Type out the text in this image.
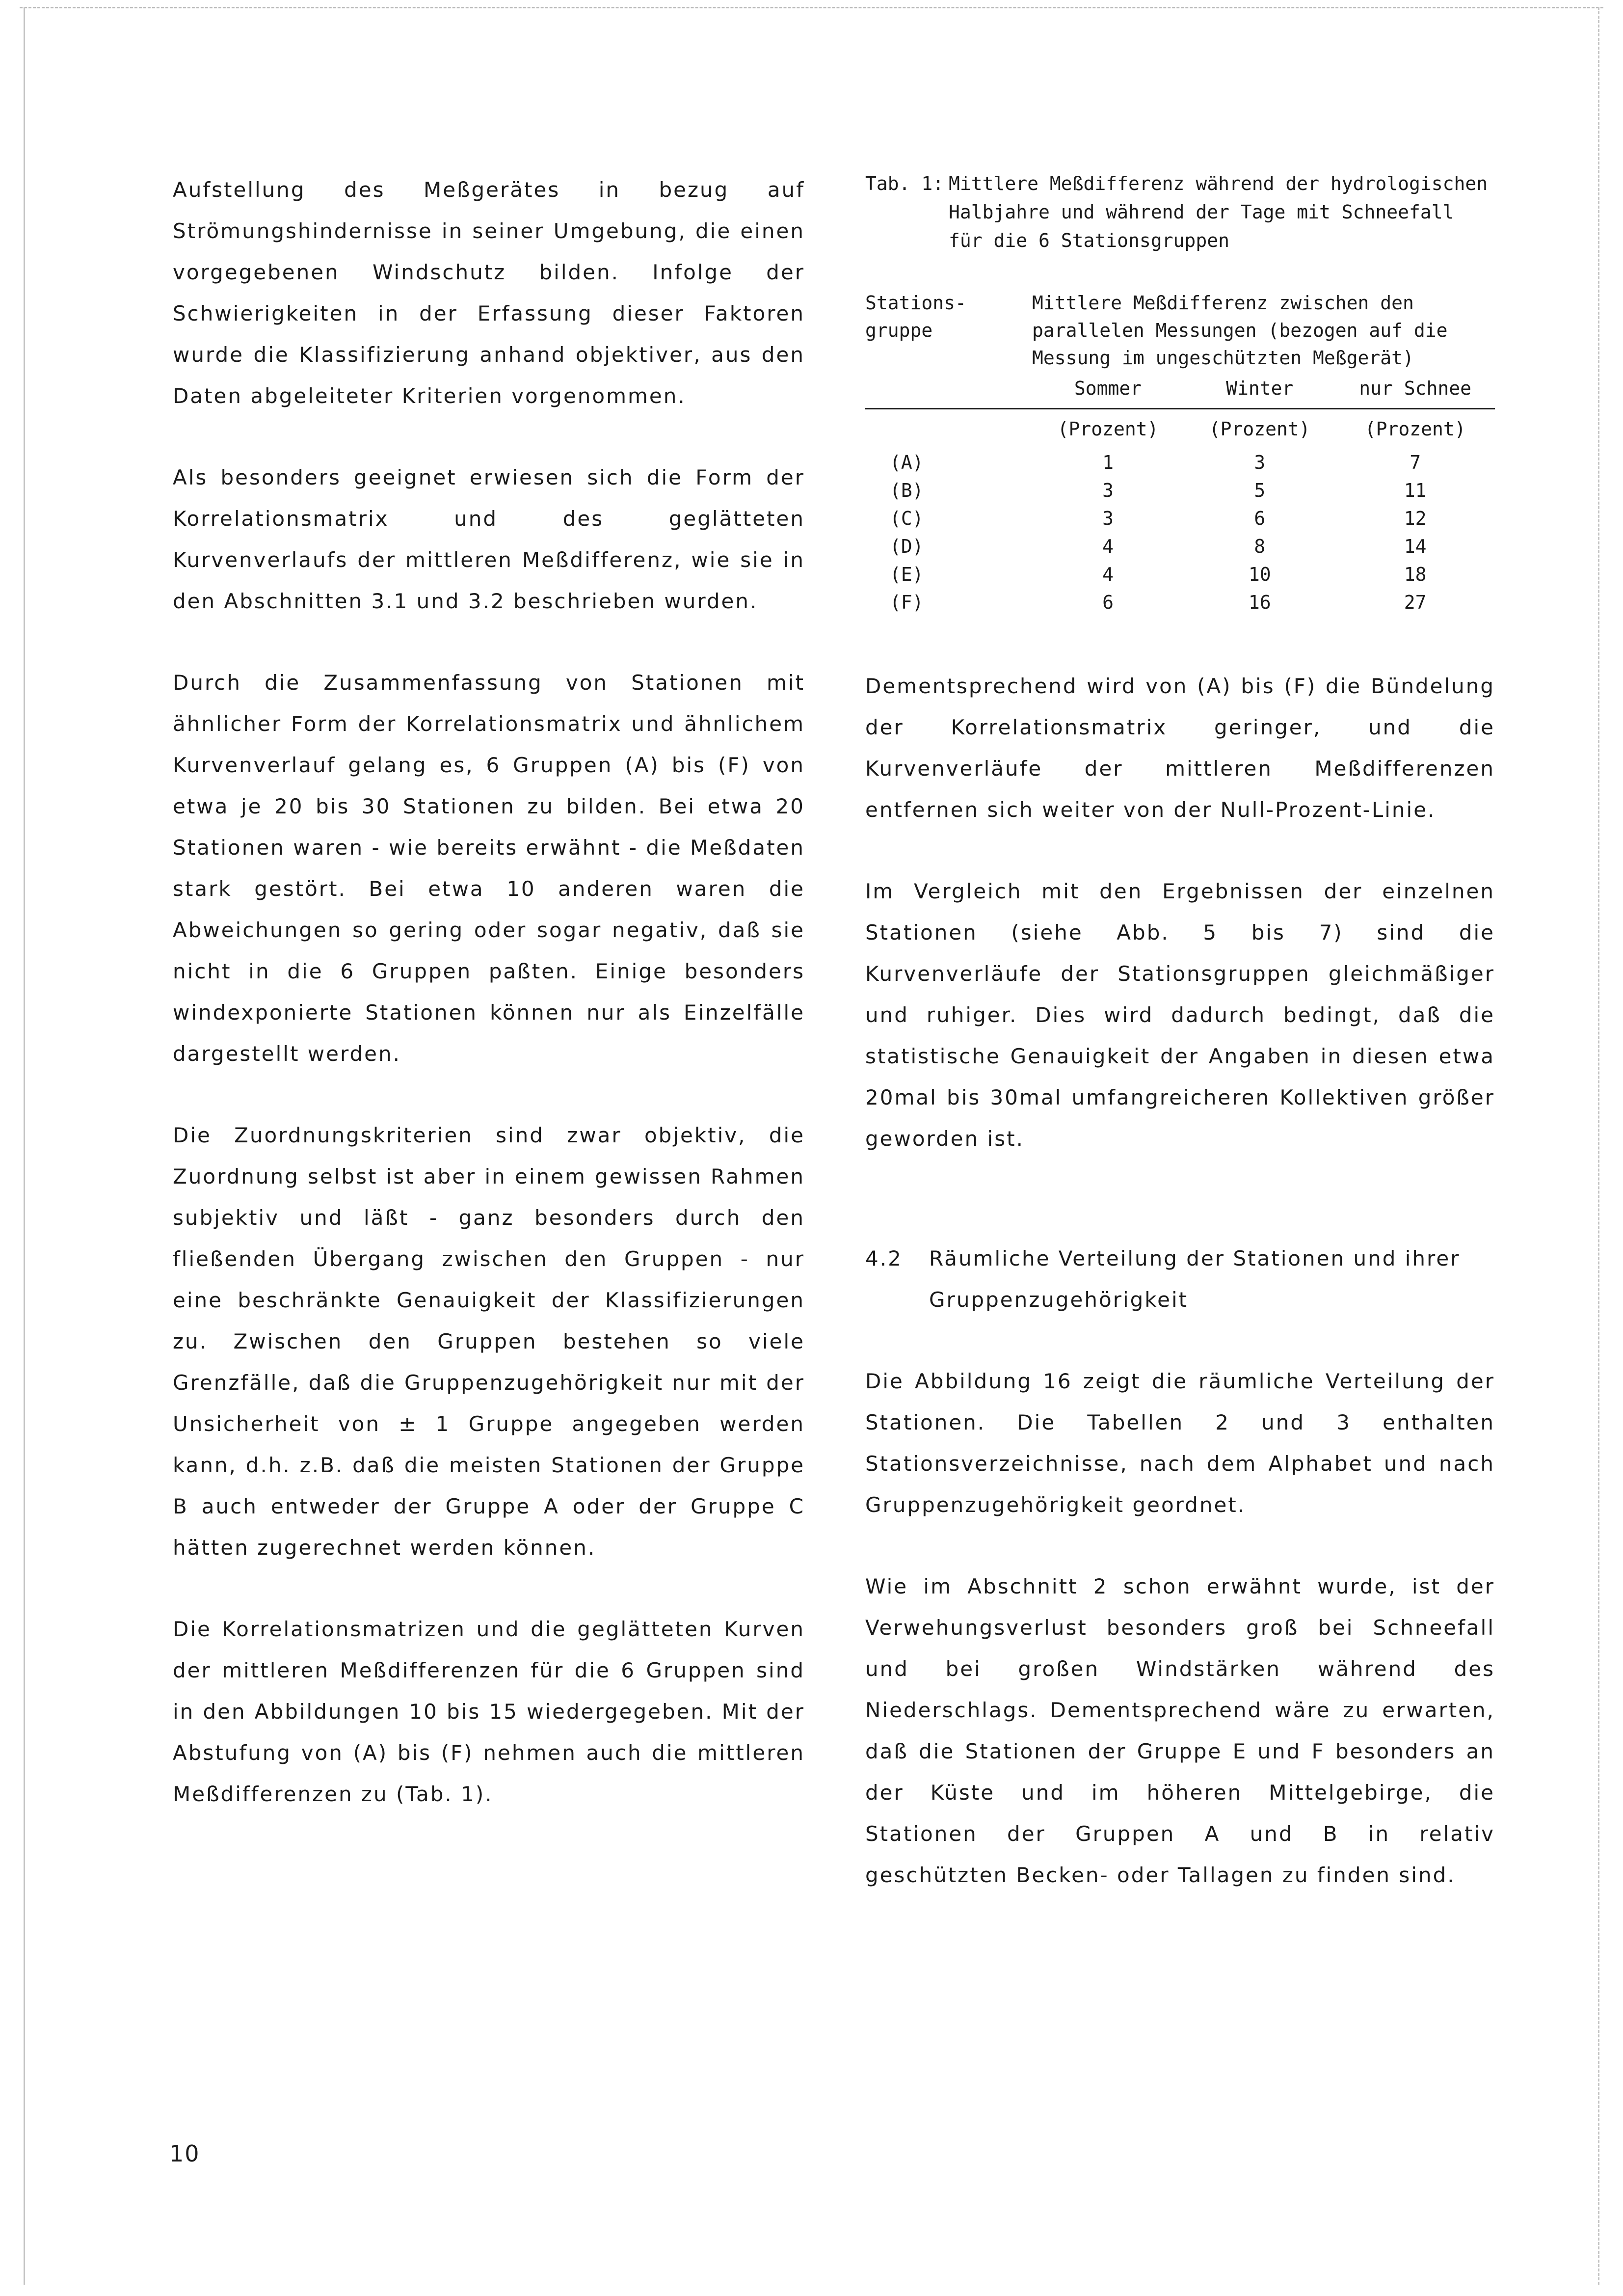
Aufstellung des Meßgerätes in bezug auf Strömungshindernisse in seiner Umgebung, die einen vorgegebenen Windschutz bilden. Infolge der Schwierigkeiten in der Erfassung dieser Faktoren wurde die Klassifizierung anhand objektiver, aus den Daten abgeleiteter Kriterien vorgenommen.

Als besonders geeignet erwiesen sich die Form der Korrelationsmatrix und des geglätteten Kurvenverlaufs der mittleren Meßdifferenz, wie sie in den Abschnitten 3.1 und 3.2 beschrieben wurden.

Durch die Zusammenfassung von Stationen mit ähnlicher Form der Korrelationsmatrix und ähnlichem Kurvenverlauf gelang es, 6 Gruppen (A) bis (F) von etwa je 20 bis 30 Stationen zu bilden. Bei etwa 20 Stationen waren - wie bereits erwähnt - die Meßdaten stark gestört. Bei etwa 10 anderen waren die Abweichungen so gering oder sogar negativ, daß sie nicht in die 6 Gruppen paßten. Einige besonders windexponierte Stationen können nur als Einzelfälle dargestellt werden.

Die Zuordnungskriterien sind zwar objektiv, die Zuordnung selbst ist aber in einem gewissen Rahmen subjektiv und läßt - ganz besonders durch den fließenden Übergang zwischen den Gruppen - nur eine beschränkte Genauigkeit der Klassifizierungen zu. Zwischen den Gruppen bestehen so viele Grenzfälle, daß die Gruppenzugehörigkeit nur mit der Unsicherheit von ± 1 Gruppe angegeben werden kann, d.h. z.B. daß die meisten Stationen der Gruppe B auch entweder der Gruppe A oder der Gruppe C hätten zugerechnet werden können.

Die Korrelationsmatrizen und die geglätteten Kurven der mittleren Meßdifferenzen für die 6 Gruppen sind in den Abbildungen 10 bis 15 wiedergegeben. Mit der Abstufung von (A) bis (F) nehmen auch die mittleren Meßdifferenzen zu (Tab. 1).

Tab. 1: Mittlere Meßdifferenz während der hydrologischen Halbjahre und während der Tage mit Schneefall für die 6 Stationsgruppen
Stations-gruppe	Mittlere Meßdifferenz zwischen den parallelen Messungen (bezogen auf die Messung im ungeschützten Meßgerät)		
	Sommer	Winter	nur Schnee

	(Prozent)	(Prozent)	(Prozent)
(A)	1	3	7
(B)	3	5	11
(C)	3	6	12
(D)	4	8	14
(E)	4	10	18
(F)	6	16	27

Dementsprechend wird von (A) bis (F) die Bündelung der Korrelationsmatrix geringer, und die Kurvenverläufe der mittleren Meßdifferenzen entfernen sich weiter von der Null-Prozent-Linie.

Im Vergleich mit den Ergebnissen der einzelnen Stationen (siehe Abb. 5 bis 7) sind die Kurvenverläufe der Stationsgruppen gleichmäßiger und ruhiger. Dies wird dadurch bedingt, daß die statistische Genauigkeit der Angaben in diesen etwa 20mal bis 30mal umfangreicheren Kollektiven größer geworden ist.

4.2	Räumliche Verteilung der Stationen und ihrer Gruppenzugehörigkeit

Die Abbildung 16 zeigt die räumliche Verteilung der Stationen. Die Tabellen 2 und 3 enthalten Stationsverzeichnisse, nach dem Alphabet und nach Gruppenzugehörigkeit geordnet.

Wie im Abschnitt 2 schon erwähnt wurde, ist der Verwehungsverlust besonders groß bei Schneefall und bei großen Windstärken während des Niederschlags. Dementsprechend wäre zu erwarten, daß die Stationen der Gruppe E und F besonders an der Küste und im höheren Mittelgebirge, die Stationen der Gruppen A und B in relativ geschützten Becken- oder Tallagen zu finden sind.

10
